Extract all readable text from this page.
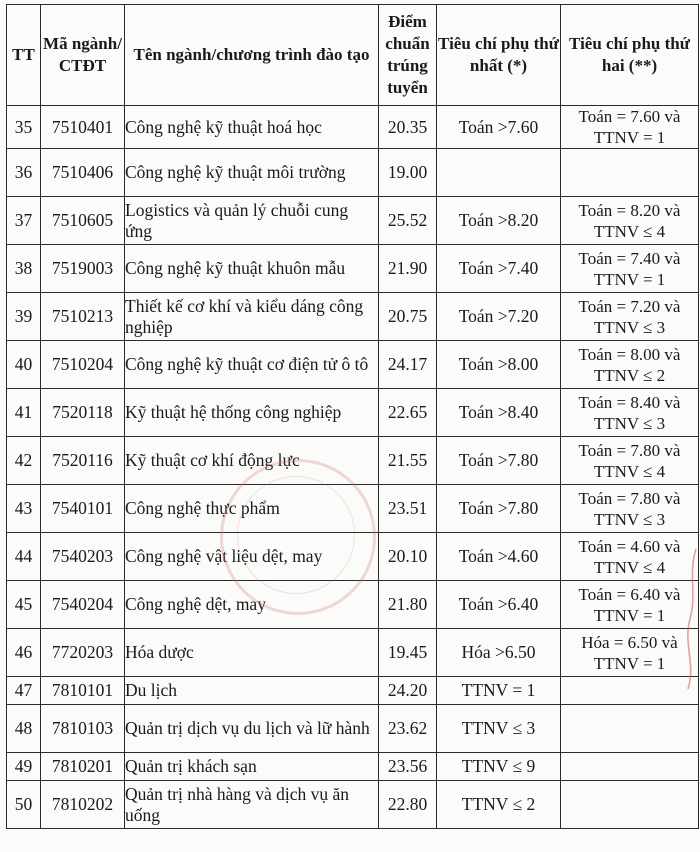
TT	Mã ngành/ CTĐT	Tên ngành/chương trình đào tạo	Điểm chuẩn trúng tuyển	Tiêu chí phụ thứ nhất (*)	Tiêu chí phụ thứ hai (**)
35	7510401	Công nghệ kỹ thuật hoá học	20.35	Toán >7.60	Toán = 7.60 và TTNV = 1
36	7510406	Công nghệ kỹ thuật môi trường	19.00		
37	7510605	Logistics và quản lý chuỗi cung ứng	25.52	Toán >8.20	Toán = 8.20 và TTNV ≤ 4
38	7519003	Công nghệ kỹ thuật khuôn mẫu	21.90	Toán >7.40	Toán = 7.40 và TTNV = 1
39	7510213	Thiết kế cơ khí và kiểu dáng công nghiệp	20.75	Toán >7.20	Toán = 7.20 và TTNV ≤ 3
40	7510204	Công nghệ kỹ thuật cơ điện tử ô tô	24.17	Toán >8.00	Toán = 8.00 và TTNV ≤ 2
41	7520118	Kỹ thuật hệ thống công nghiệp	22.65	Toán >8.40	Toán = 8.40 và TTNV ≤ 3
42	7520116	Kỹ thuật cơ khí động lực	21.55	Toán >7.80	Toán = 7.80 và TTNV ≤ 4
43	7540101	Công nghệ thực phẩm	23.51	Toán >7.80	Toán = 7.80 và TTNV ≤ 3
44	7540203	Công nghệ vật liệu dệt, may	20.10	Toán >4.60	Toán = 4.60 và TTNV ≤ 4
45	7540204	Công nghệ dệt, may	21.80	Toán >6.40	Toán = 6.40 và TTNV = 1
46	7720203	Hóa dược	19.45	Hóa >6.50	Hóa = 6.50 và TTNV = 1
47	7810101	Du lịch	24.20	TTNV = 1	
48	7810103	Quản trị dịch vụ du lịch và lữ hành	23.62	TTNV ≤ 3	
49	7810201	Quản trị khách sạn	23.56	TTNV ≤ 9	
50	7810202	Quản trị nhà hàng và dịch vụ ăn uống	22.80	TTNV ≤ 2	
